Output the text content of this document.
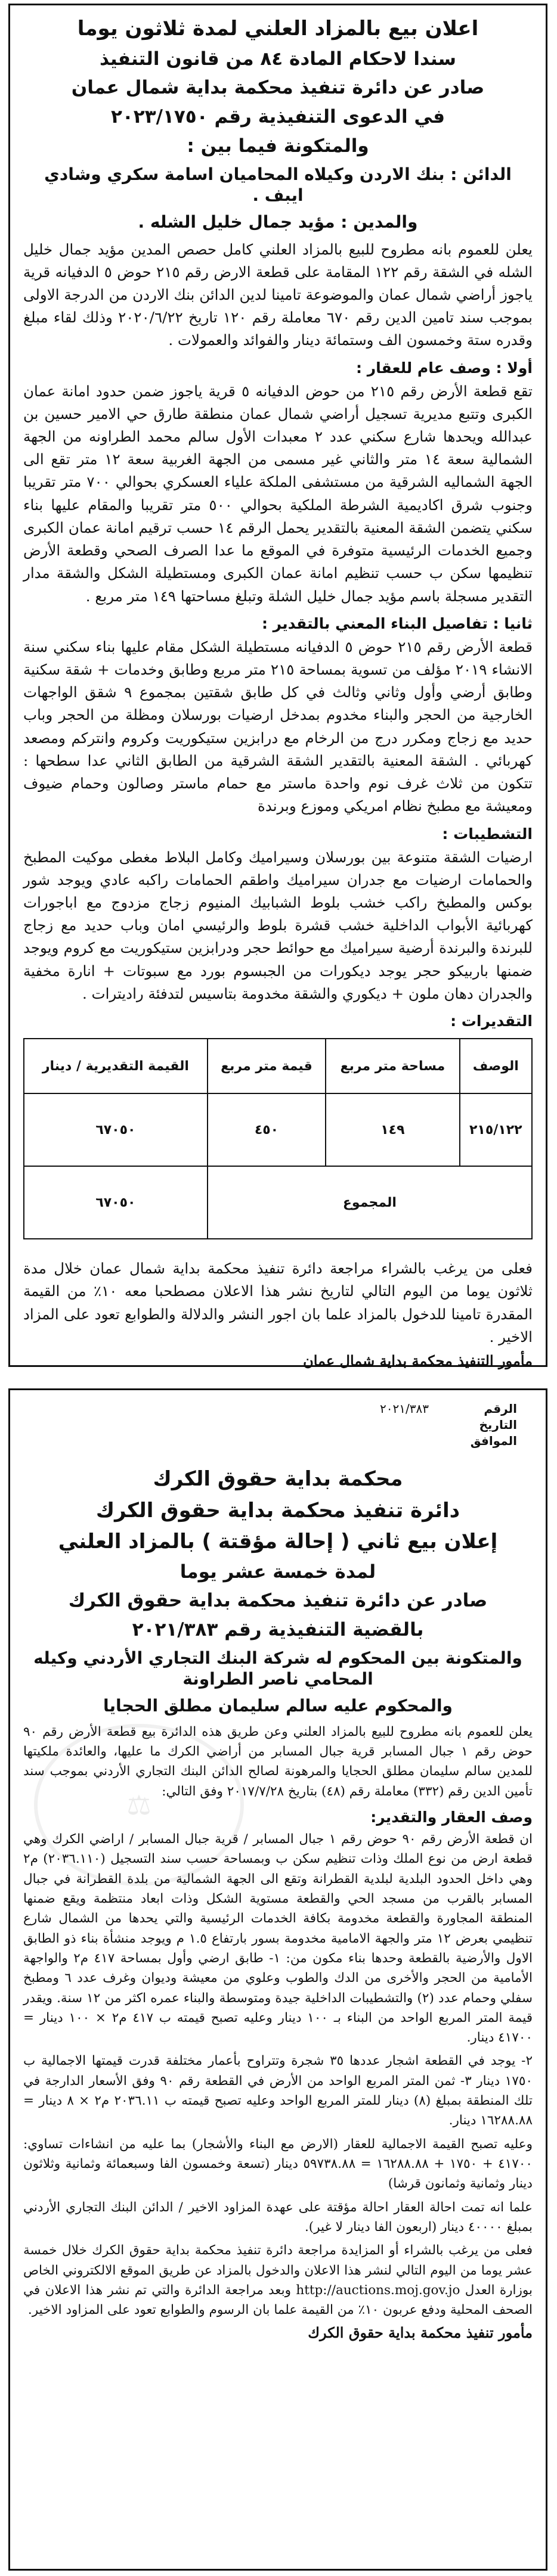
اعلان بيع بالمزاد العلني لمدة ثلاثون يوما
سندا لاحكام المادة ٨٤ من قانون التنفيذ
صادر عن دائرة تنفيذ محكمة بداية شمال عمان
في الدعوى التنفيذية رقم ٢٠٢٣/١٧٥٠
والمتكونة فيما بين :
الدائن : بنك الاردن وكيلاه المحاميان اسامة سكري وشادي ايبف .
والمدين : مؤيد جمال خليل الشله .

يعلن للعموم بانه مطروح للبيع بالمزاد العلني كامل حصص المدين مؤيد جمال خليل الشله في الشقة رقم ١٢٢ المقامة على قطعة الارض رقم ٢١٥ حوض ٥ الدفيانه قرية ياجوز أراضي شمال عمان والموضوعة تامينا لدين الدائن بنك الاردن من الدرجة الاولى بموجب سند تامين الدين رقم ٦٧٠ معاملة رقم ١٢٠ تاريخ ٢٠٢٠/٦/٢٢ وذلك لقاء مبلغ وقدره ستة وخمسون الف وستمائة دينار والفوائد والعمولات .

أولا : وصف عام للعقار :

تقع قطعة الأرض رقم ٢١٥ من حوض الدفيانه ٥ قرية ياجوز ضمن حدود امانة عمان الكبرى وتتبع مديرية تسجيل أراضي شمال عمان منطقة طارق حي الامير حسين بن عبدالله ويحدها شارع سكني عدد ٢ معبدات الأول سالم محمد الطراونه من الجهة الشمالية سعة ١٤ متر والثاني غير مسمى من الجهة الغربية سعة ١٢ متر تقع الى الجهة الشماليه الشرقية من مستشفى الملكة علياء العسكري بحوالي ٧٠٠ متر تقريبا وجنوب شرق اكاديمية الشرطة الملكية بحوالي ٥٠٠ متر تقريبا والمقام عليها بناء سكني يتضمن الشقة المعنية بالتقدير يحمل الرقم ١٤ حسب ترقيم امانة عمان الكبرى وجميع الخدمات الرئيسية متوفرة في الموقع ما عدا الصرف الصحي وقطعة الأرض تنظيمها سكن ب حسب تنظيم امانة عمان الكبرى ومستطيلة الشكل والشقة مدار التقدير مسجلة باسم مؤيد جمال خليل الشلة وتبلغ مساحتها ١٤٩ متر مربع .

ثانيا : تفاصيل البناء المعني بالتقدير :

قطعة الأرض رقم ٢١٥ حوض ٥ الدفيانه مستطيلة الشكل مقام عليها بناء سكني سنة الانشاء ٢٠١٩ مؤلف من تسوية بمساحة ٢١٥ متر مربع وطابق وخدمات + شقة سكنية وطابق أرضي وأول وثاني وثالث في كل طابق شقتين بمجموع ٩ شقق الواجهات الخارجية من الحجر والبناء مخدوم بمدخل ارضيات بورسلان ومظلة من الحجر وباب حديد مع زجاج ومكرر درج من الرخام مع درابزين ستيكوريت وكروم وانتركم ومصعد كهربائي . الشقة المعنية بالتقدير الشقة الشرقية من الطابق الثاني عدا سطحها : تتكون من ثلاث غرف نوم واحدة ماستر مع حمام ماستر وصالون وحمام ضيوف ومعيشة مع مطبخ نظام امريكي وموزع وبرندة

التشطيبات :

ارضيات الشقة متنوعة بين بورسلان وسيراميك وكامل البلاط مغطى موكيت المطبخ والحمامات ارضيات مع جدران سيراميك واطقم الحمامات راكبه عادي ويوجد شور بوكس والمطبخ راكب خشب بلوط الشبابيك المنيوم زجاج مزدوج مع اباجورات كهربائية الأبواب الداخلية خشب قشرة بلوط والرئيسي امان وباب حديد مع زجاج للبرندة والبرندة أرضية سيراميك مع حوائط حجر ودرابزين ستيكوريت مع كروم ويوجد ضمنها باربيكو حجر يوجد ديكورات من الجبسوم بورد مع سبوتات + انارة مخفية والجدران دهان ملون + ديكوري والشقة مخدومة بتاسيس لتدفئة راديترات .

التقديرات :
الوصف	مساحة متر مربع	قيمة متر مربع	القيمة التقديرية / دينار
٢١٥/١٢٢	١٤٩	٤٥٠	٦٧٠٥٠
المجموع			٦٧٠٥٠

فعلى من يرغب بالشراء مراجعة دائرة تنفيذ محكمة بداية شمال عمان خلال مدة ثلاثون يوما من اليوم التالي لتاريخ نشر هذا الاعلان مصطحبا معه ١٠٪ من القيمة المقدرة تامينا للدخول بالمزاد علما بان اجور النشر والدلالة والطوابع تعود على المزاد الاخير .

مأمور التنفيذ محكمة بداية شمال عمان
⚖
الرقم
٢٠٢١/٣٨٣
التاريخ
الموافق
محكمة بداية حقوق الكرك
دائرة تنفيذ محكمة بداية حقوق الكرك
إعلان بيع ثاني ( إحالة مؤقتة ) بالمزاد العلني
لمدة خمسة عشر يوما
صادر عن دائرة تنفيذ محكمة بداية حقوق الكرك
بالقضية التنفيذية رقم ٢٠٢١/٣٨٣
والمتكونة بين المحكوم له شركة البنك التجاري الأردني وكيله المحامي ناصر الطراونة
والمحكوم عليه سالم سليمان مطلق الحجايا

يعلن للعموم بانه مطروح للبيع بالمزاد العلني وعن طريق هذه الدائرة بيع قطعة الأرض رقم ٩٠ حوض رقم ١ جبال المسابر قرية جبال المسابر من أراضي الكرك ما عليها، والعائدة ملكيتها للمدين سالم سليمان مطلق الحجايا والمرهونة لصالح الدائن البنك التجاري الأردني بموجب سند تأمين الدين رقم (٣٣٢) معاملة رقم (٤٨) بتاريخ ٢٠١٧/٧/٢٨ وفق التالي:

وصف العقار والتقدير:

ان قطعة الأرض رقم ٩٠ حوض رقم ١ جبال المسابر / قرية جبال المسابر / اراضي الكرك وهي قطعة ارض من نوع الملك وذات تنظيم سكن ب وبمساحة حسب سند التسجيل (٢٠٣٦.١١٠) م٢ وهي داخل الحدود البلدية لبلدية القطرانة وتقع الى الجهة الشمالية من بلدة القطرانة في جبال المسابر بالقرب من مسجد الحي والقطعة مستوية الشكل وذات ابعاد منتظمة ويقع ضمنها المنطقة المجاورة والقطعة مخدومة بكافة الخدمات الرئيسية والتي يحدها من الشمال شارع تنظيمي بعرض ١٢ متر والجهة الامامية مخدومة بسور بارتفاع ١.٥ م ويوجد منشأة بناء ذو الطابق الاول والأرضية بالقطعة وحدها بناء مكون من: ١- طابق ارضي وأول بمساحة ٤١٧ م٢ والواجهة الأمامية من الحجر والأخرى من الدك والطوب وعلوي من معيشة وديوان وغرف عدد ٦ ومطبخ سفلي وحمام عدد (٢) والتشطيبات الداخلية جيدة ومتوسطة والبناء عمره اكثر من ١٢ سنة. ويقدر قيمة المتر المربع الواحد من البناء بـ ١٠٠ دينار وعليه تصبح قيمته ب ٤١٧ م٢ × ١٠٠ دينار = ٤١٧٠٠ دينار.

٢- يوجد في القطعة اشجار عددها ٣٥ شجرة وتتراوح بأعمار مختلفة قدرت قيمتها الاجمالية ب ١٧٥٠ دينار ٣- ثمن المتر المربع الواحد من الأرض في القطعة رقم ٩٠ وفق الأسعار الدارجة في تلك المنطقة بمبلغ (٨) دينار للمتر المربع الواحد وعليه تصبح قيمته ب ٢٠٣٦.١١ م٢ × ٨ دينار = ١٦٢٨٨.٨٨ دينار.

وعليه تصبح القيمة الاجمالية للعقار (الارض مع البناء والأشجار) بما عليه من انشاءات تساوي: ٤١٧٠٠ + ١٧٥٠ + ١٦٢٨٨.٨٨ = ٥٩٧٣٨.٨٨ دينار (تسعة وخمسون الفا وسبعمائة وثمانية وثلاثون دينار وثمانية وثمانون قرشا)

علما انه تمت احالة العقار احالة مؤقتة على عهدة المزاود الاخير / الدائن البنك التجاري الأردني بمبلغ ٤٠٠٠٠ دينار (اربعون الفا دينار لا غير).

فعلى من يرغب بالشراء أو المزايدة مراجعة دائرة تنفيذ محكمة بداية حقوق الكرك خلال خمسة عشر يوما من اليوم التالي لنشر هذا الاعلان والدخول بالمزاد عن طريق الموقع الالكتروني الخاص بوزارة العدل http://auctions.moj.gov.jo وبعد مراجعة الدائرة والتي تم نشر هذا الاعلان في الصحف المحلية ودفع عربون ١٠٪ من القيمة علما بان الرسوم والطوابع تعود على المزاود الاخير.

مأمور تنفيذ محكمة بداية حقوق الكرك
